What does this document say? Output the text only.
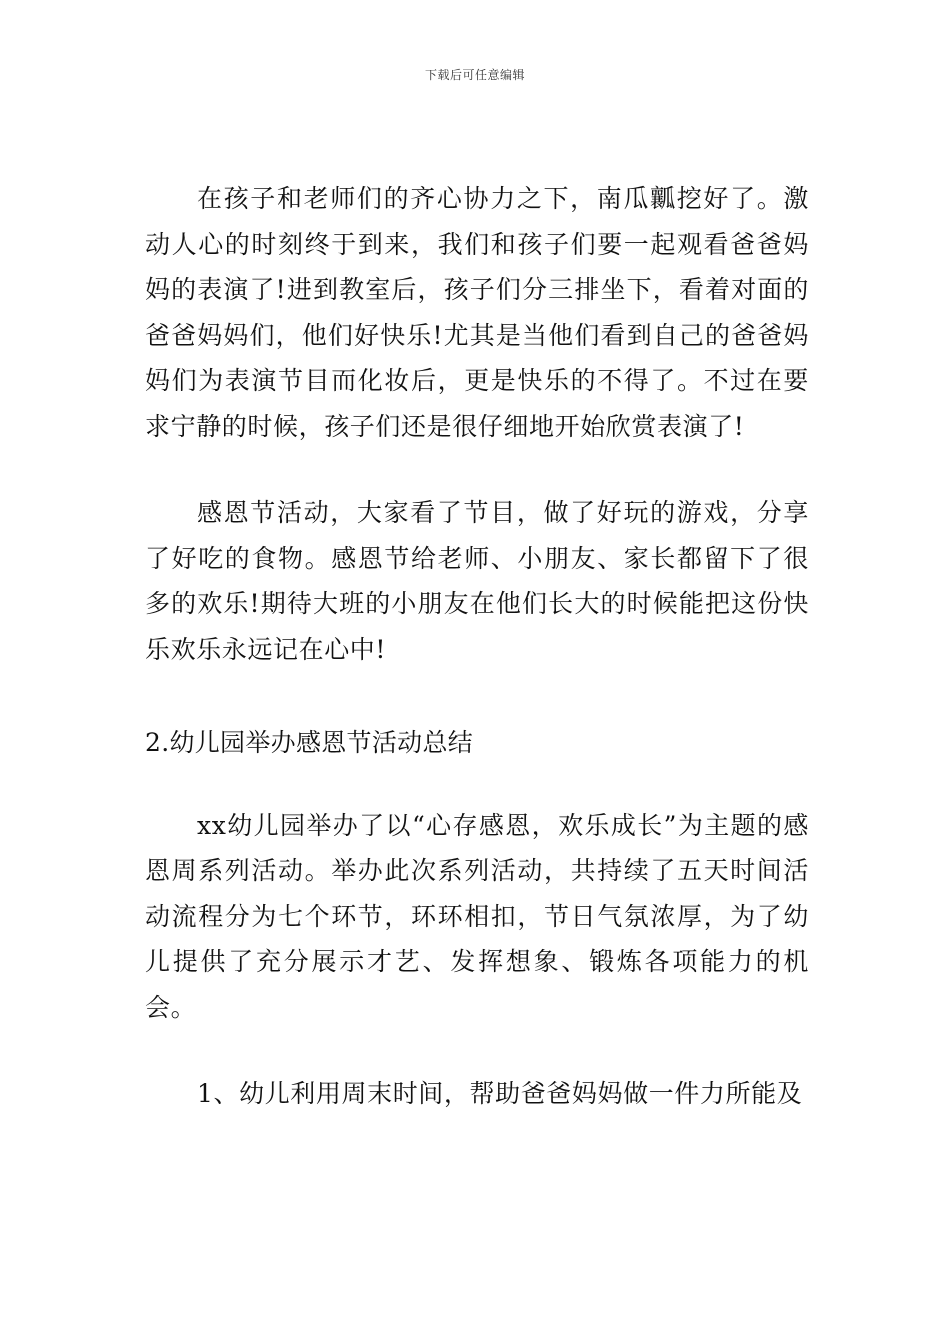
下载后可任意编辑

在孩子和老师们的齐心协力之下，南瓜瓤挖好了。激动人心的时刻终于到来，我们和孩子们要一起观看爸爸妈妈的表演了!进到教室后，孩子们分三排坐下，看着对面的爸爸妈妈们，他们好快乐!尤其是当他们看到自己的爸爸妈妈们为表演节目而化妆后，更是快乐的不得了。不过在要求宁静的时候，孩子们还是很仔细地开始欣赏表演了!

感恩节活动，大家看了节目，做了好玩的游戏，分享了好吃的食物。感恩节给老师、小朋友、家长都留下了很多的欢乐!期待大班的小朋友在他们长大的时候能把这份快乐欢乐永远记在心中!

2.幼儿园举办感恩节活动总结

xx幼儿园举办了以“心存感恩，欢乐成长”为主题的感恩周系列活动。举办此次系列活动，共持续了五天时间活动流程分为七个环节，环环相扣，节日气氛浓厚，为了幼儿提供了充分展示才艺、发挥想象、锻炼各项能力的机会。

1、幼儿利用周末时间，帮助爸爸妈妈做一件力所能及
